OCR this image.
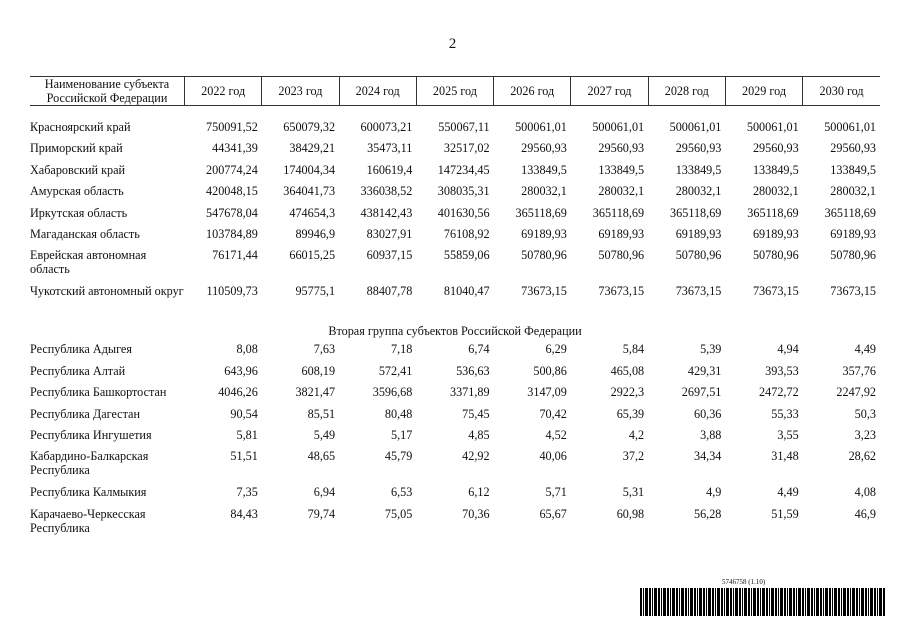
2
Наименование субъекта Российской Федерации	2022 год	2023 год	2024 год	2025 год	2026 год	2027 год	2028 год	2029 год	2030 год

Красноярский край	750091,52	650079,32	600073,21	550067,11	500061,01	500061,01	500061,01	500061,01	500061,01
Приморский край	44341,39	38429,21	35473,11	32517,02	29560,93	29560,93	29560,93	29560,93	29560,93
Хабаровский край	200774,24	174004,34	160619,4	147234,45	133849,5	133849,5	133849,5	133849,5	133849,5
Амурская область	420048,15	364041,73	336038,52	308035,31	280032,1	280032,1	280032,1	280032,1	280032,1
Иркутская область	547678,04	474654,3	438142,43	401630,56	365118,69	365118,69	365118,69	365118,69	365118,69
Магаданская область	103784,89	89946,9	83027,91	76108,92	69189,93	69189,93	69189,93	69189,93	69189,93
Еврейская автономная область	76171,44	66015,25	60937,15	55859,06	50780,96	50780,96	50780,96	50780,96	50780,96
Чукотский автономный округ	110509,73	95775,1	88407,78	81040,47	73673,15	73673,15	73673,15	73673,15	73673,15
Вторая группа субъектов Российской Федерации									
Республика Адыгея	8,08	7,63	7,18	6,74	6,29	5,84	5,39	4,94	4,49
Республика Алтай	643,96	608,19	572,41	536,63	500,86	465,08	429,31	393,53	357,76
Республика Башкортостан	4046,26	3821,47	3596,68	3371,89	3147,09	2922,3	2697,51	2472,72	2247,92
Республика Дагестан	90,54	85,51	80,48	75,45	70,42	65,39	60,36	55,33	50,3
Республика Ингушетия	5,81	5,49	5,17	4,85	4,52	4,2	3,88	3,55	3,23
Кабардино-Балкарская Республика	51,51	48,65	45,79	42,92	40,06	37,2	34,34	31,48	28,62
Республика Калмыкия	7,35	6,94	6,53	6,12	5,71	5,31	4,9	4,49	4,08
Карачаево-Черкесская Республика	84,43	79,74	75,05	70,36	65,67	60,98	56,28	51,59	46,9
5746758 (1.10)
